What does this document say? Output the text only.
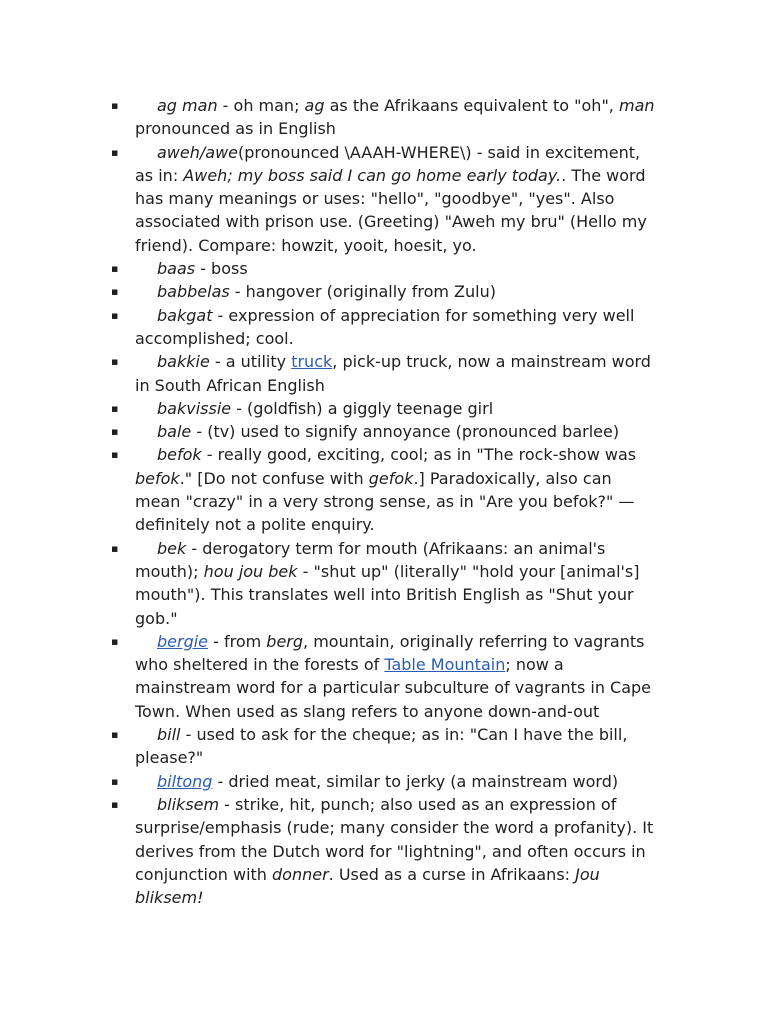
▪ ag man - oh man; ag as the Afrikaans equivalent to "oh", man pronounced as in English
▪ aweh/awe(pronounced \AAAH-WHERE\) - said in excitement, as in: Aweh; my boss said I can go home early today.. The word has many meanings or uses: "hello", "goodbye", "yes". Also associated with prison use. (Greeting) "Aweh my bru" (Hello my friend). Compare: howzit, yooit, hoesit, yo.
▪ baas - boss
▪ babbelas - hangover (originally from Zulu)
▪ bakgat - expression of appreciation for something very well accomplished; cool.
▪ bakkie - a utility truck, pick-up truck, now a mainstream word in South African English
▪ bakvissie - (goldfish) a giggly teenage girl
▪ bale - (tv) used to signify annoyance (pronounced barlee)
▪ befok - really good, exciting, cool; as in "The rock-show was befok." [Do not confuse with gefok.] Paradoxically, also can mean "crazy" in a very strong sense, as in "Are you befok?" — definitely not a polite enquiry.
▪ bek - derogatory term for mouth (Afrikaans: an animal's mouth); hou jou bek - "shut up" (literally" "hold your [animal's] mouth"). This translates well into British English as "Shut your gob."
▪ bergie - from berg, mountain, originally referring to vagrants who sheltered in the forests of Table Mountain; now a mainstream word for a particular subculture of vagrants in Cape Town. When used as slang refers to anyone down-and-out
▪ bill - used to ask for the cheque; as in: "Can I have the bill, please?"
▪ biltong - dried meat, similar to jerky (a mainstream word)
▪ bliksem - strike, hit, punch; also used as an expression of surprise/emphasis (rude; many consider the word a profanity). It derives from the Dutch word for "lightning", and often occurs in conjunction with donner. Used as a curse in Afrikaans: Jou bliksem!
